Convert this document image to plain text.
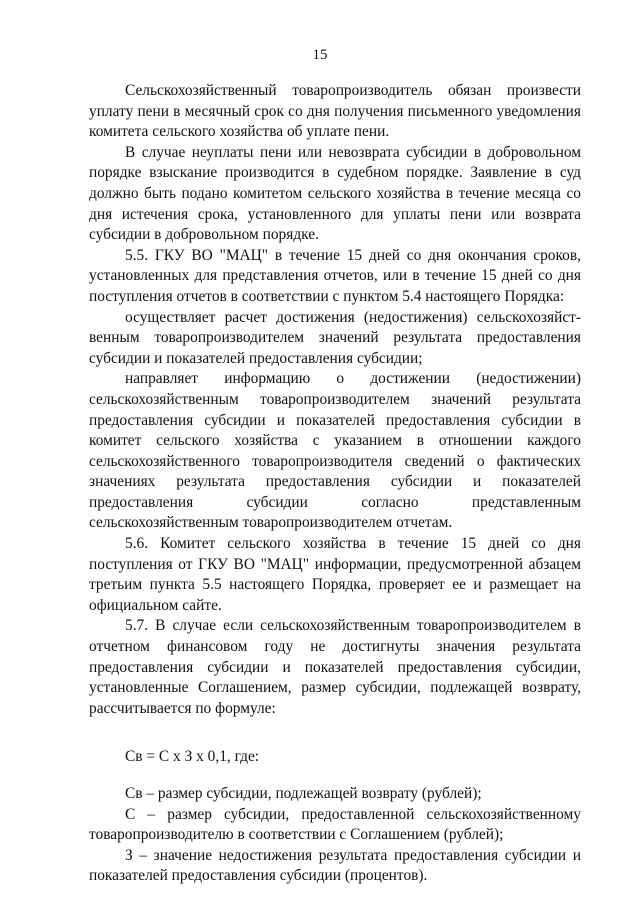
15

Сельскохозяйственный товаропроизводитель обязан произвести уплату пени в месячный срок со дня получения письменного уведомления комитета сельского хозяйства об уплате пени.

В случае неуплаты пени или невозврата субсидии в добровольном порядке взыскание производится в судебном порядке. Заявление в суд должно быть подано комитетом сельского хозяйства в течение месяца со дня истечения срока, установленного для уплаты пени или возврата субсидии в добровольном порядке.

5.5. ГКУ ВО "МАЦ" в течение 15 дней со дня окончания сроков, установленных для представления отчетов, или в течение 15 дней со дня поступления отчетов в соответствии с пунктом 5.4 настоящего Порядка:

осуществляет расчет достижения (недостижения) сельскохозяйст-венным товаропроизводителем значений результата предоставления субсидии и показателей предоставления субсидии;

направляет информацию о достижении (недостижении) сельскохозяйственным товаропроизводителем значений результата предоставления субсидии и показателей предоставления субсидии в комитет сельского хозяйства с указанием в отношении каждого сельскохозяйственного товаропроизводителя сведений о фактических значениях результата предоставления субсидии и показателей предоставления субсидии согласно представленным сельскохозяйственным товаропроизводителем отчетам.

5.6. Комитет сельского хозяйства в течение 15 дней со дня поступления от ГКУ ВО "МАЦ" информации, предусмотренной абзацем третьим пункта 5.5 настоящего Порядка, проверяет ее и размещает на официальном сайте.

5.7. В случае если сельскохозяйственным товаропроизводителем в отчетном финансовом году не достигнуты значения результата предоставления субсидии и показателей предоставления субсидии, установленные Соглашением, размер субсидии, подлежащей возврату, рассчитывается по формуле:

Св = С х З х 0,1, где:

Св – размер субсидии, подлежащей возврату (рублей);

С – размер субсидии, предоставленной сельскохозяйственному товаропроизводителю в соответствии с Соглашением (рублей);

З – значение недостижения результата предоставления субсидии и показателей предоставления субсидии (процентов).
